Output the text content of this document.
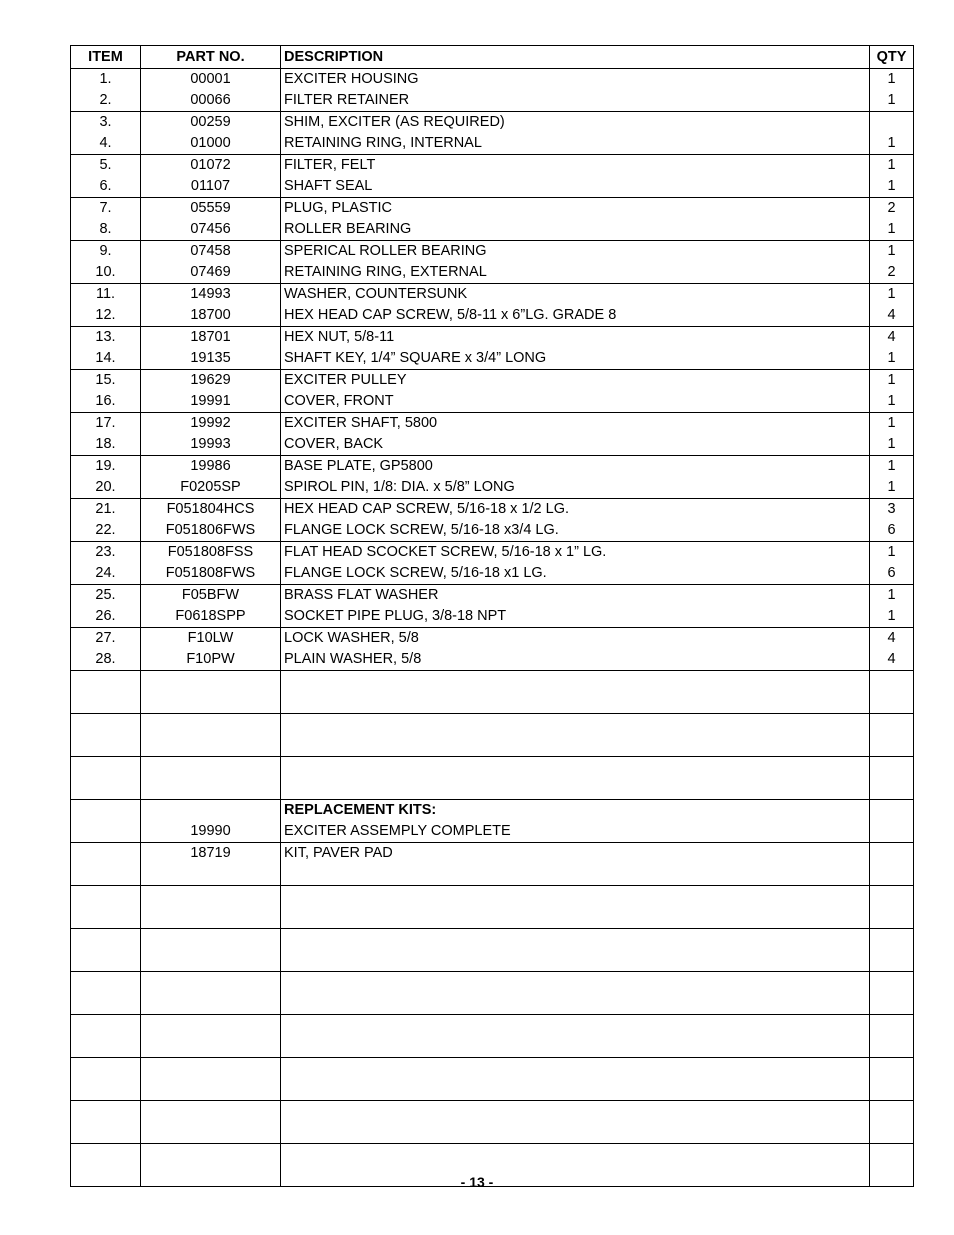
ITEM	PART NO.	DESCRIPTION	QTY
1.	00001	EXCITER HOUSING	1
2.	00066	FILTER RETAINER	1
3.	00259	SHIM, EXCITER (AS REQUIRED)	
4.	01000	RETAINING RING, INTERNAL	1
5.	01072	FILTER, FELT	1
6.	01107	SHAFT SEAL	1
7.	05559	PLUG, PLASTIC	2
8.	07456	ROLLER BEARING	1
9.	07458	SPERICAL ROLLER BEARING	1
10.	07469	RETAINING RING, EXTERNAL	2
11.	14993	WASHER, COUNTERSUNK	1
12.	18700	HEX HEAD CAP SCREW, 5/8-11 x 6”LG. GRADE 8	4
13.	18701	HEX NUT, 5/8-11	4
14.	19135	SHAFT KEY, 1/4” SQUARE x 3/4” LONG	1
15.	19629	EXCITER PULLEY	1
16.	19991	COVER, FRONT	1
17.	19992	EXCITER SHAFT, 5800	1
18.	19993	COVER, BACK	1
19.	19986	BASE PLATE, GP5800	1
20.	F0205SP	SPIROL PIN, 1/8: DIA. x 5/8” LONG	1
21.	F051804HCS	HEX HEAD CAP SCREW, 5/16-18 x 1/2 LG.	3
22.	F051806FWS	FLANGE LOCK SCREW, 5/16-18 x3/4 LG.	6
23.	F051808FSS	FLAT HEAD SCOCKET SCREW, 5/16-18 x 1” LG.	1
24.	F051808FWS	FLANGE LOCK SCREW, 5/16-18 x1 LG.	6
25.	F05BFW	BRASS FLAT WASHER	1
26.	F0618SPP	SOCKET PIPE PLUG, 3/8-18 NPT	1
27.	F10LW	LOCK WASHER, 5/8	4
28.	F10PW	PLAIN WASHER, 5/8	4

		REPLACEMENT KITS:	
	19990	EXCITER ASSEMPLY COMPLETE	
	18719	KIT, PAVER PAD	

- 13 -
